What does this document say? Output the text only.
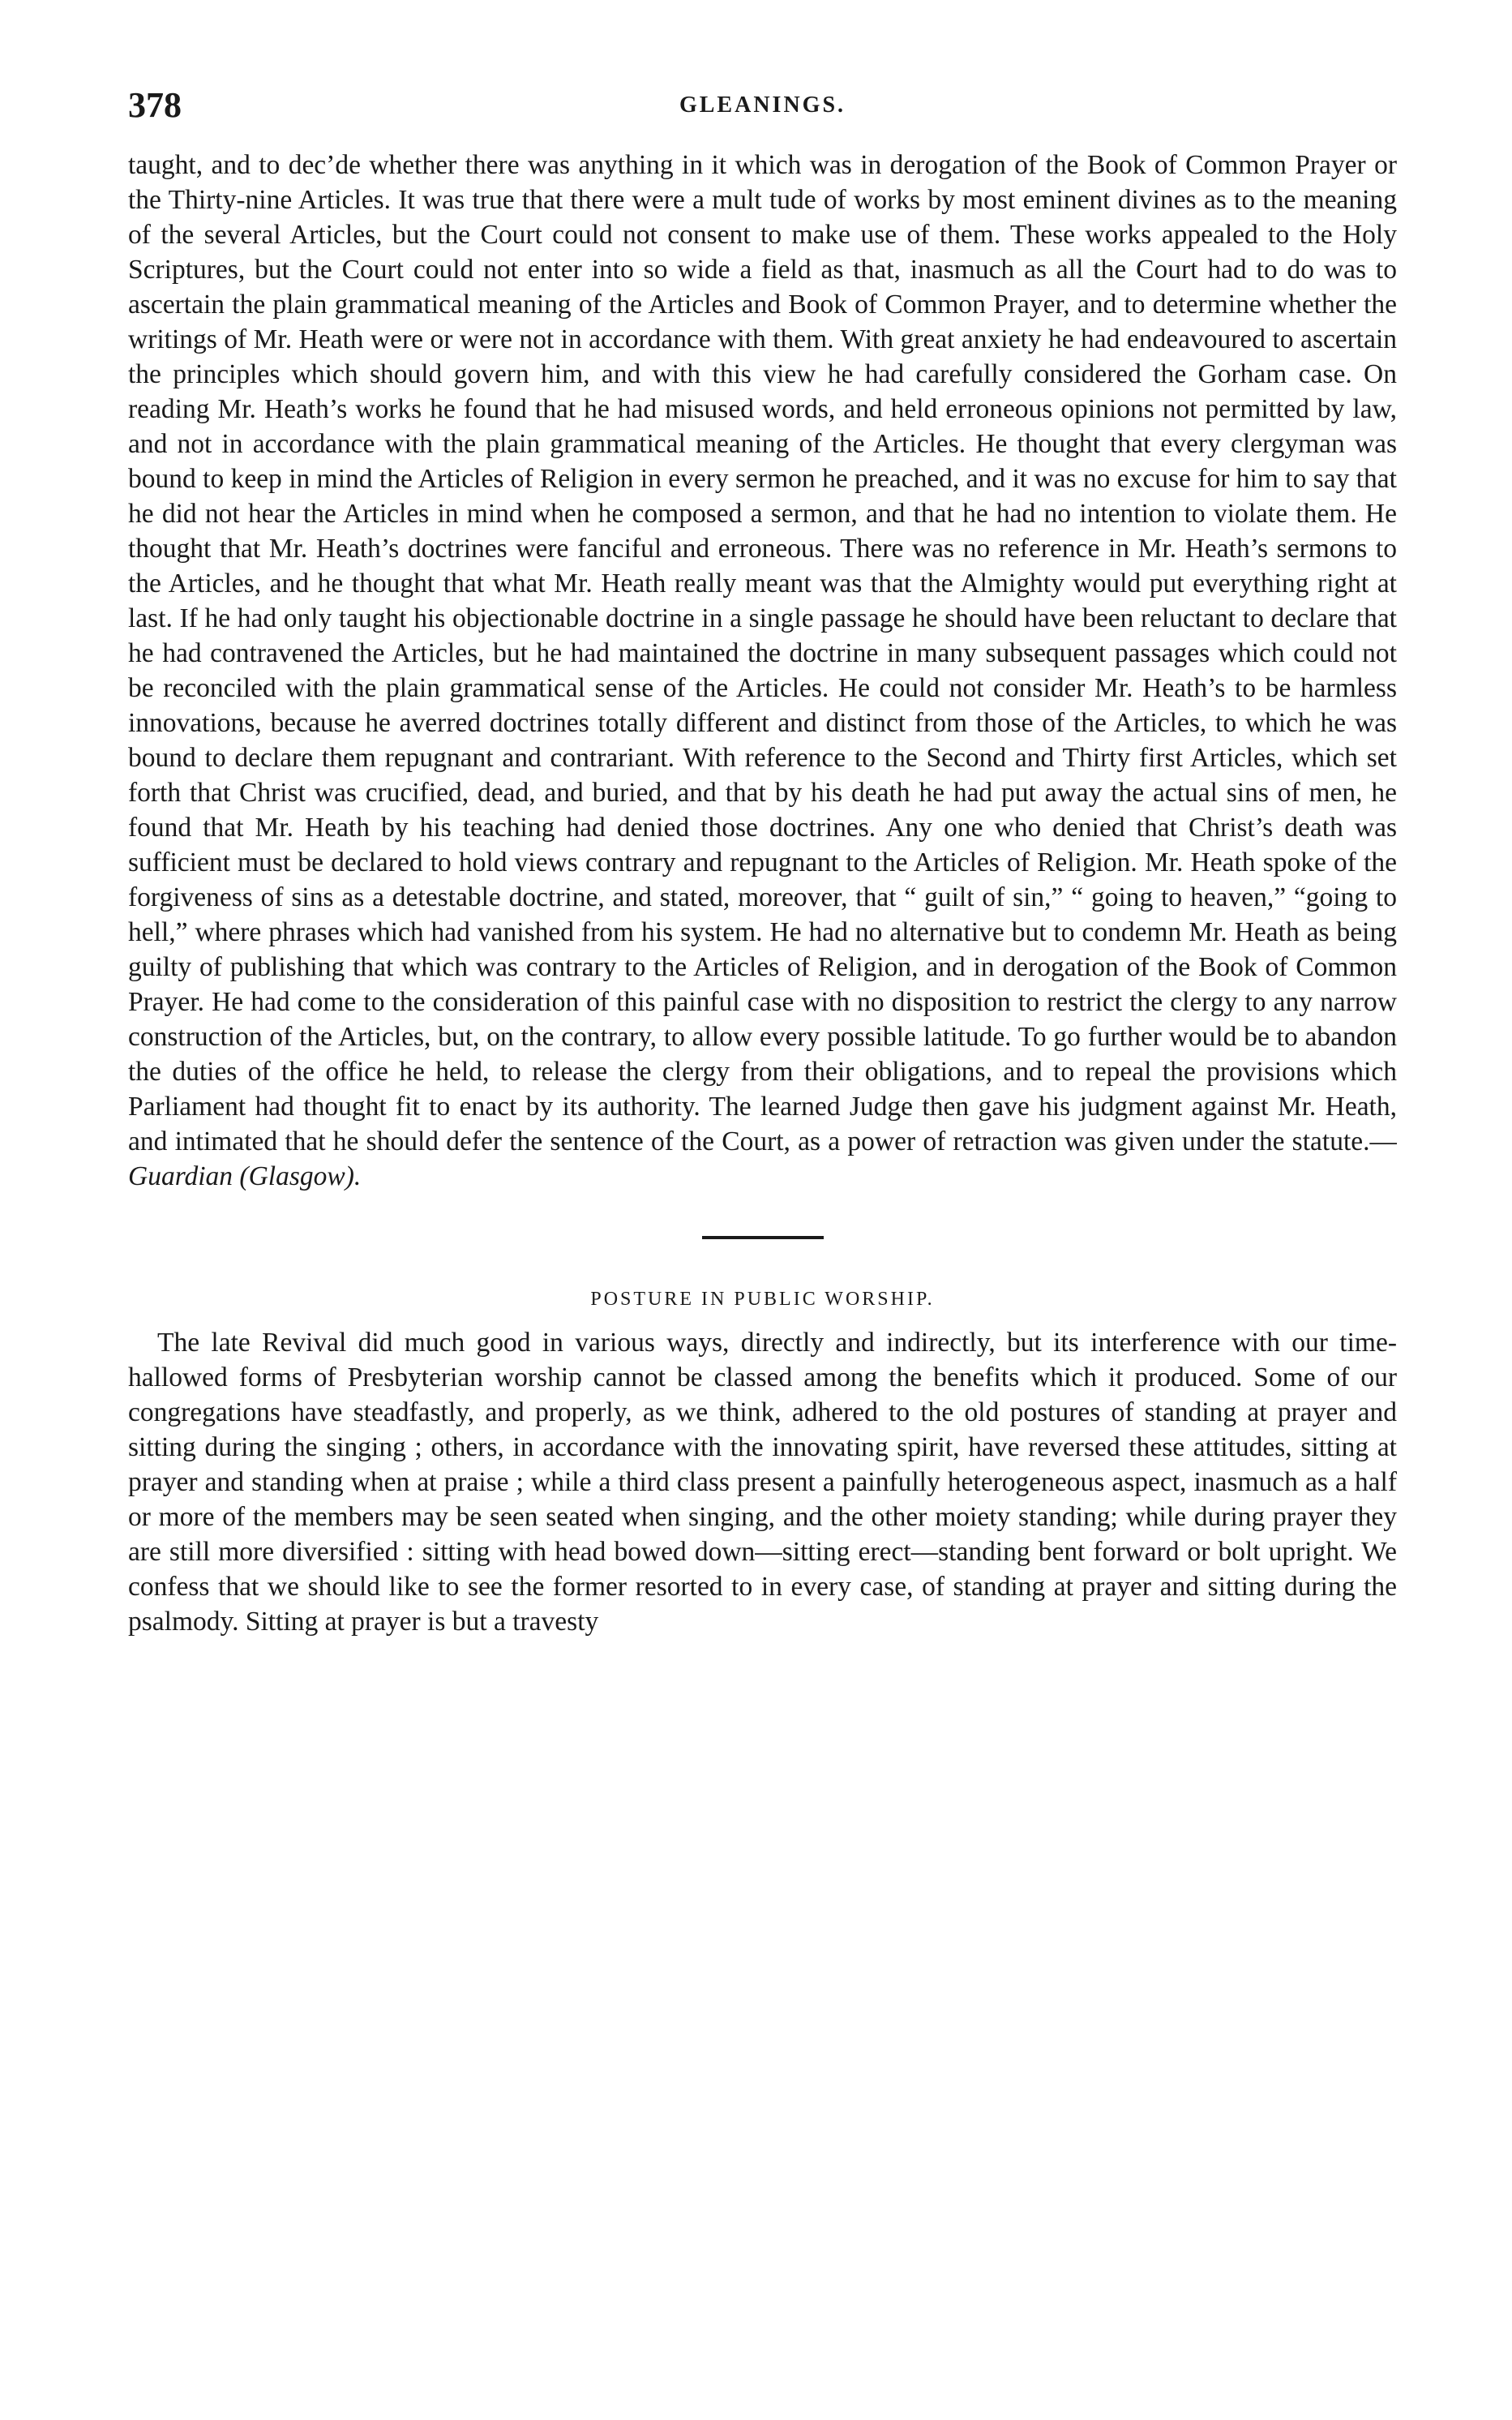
378	GLEANINGS.

taught, and to dec’de whether there was anything in it which was in derogation of the Book of Common Prayer or the Thirty-nine Articles. It was true that there were a mult tude of works by most eminent divines as to the meaning of the several Articles, but the Court could not consent to make use of them. These works appealed to the Holy Scriptures, but the Court could not enter into so wide a field as that, inasmuch as all the Court had to do was to ascertain the plain grammatical meaning of the Articles and Book of Common Prayer, and to determine whether the writings of Mr. Heath were or were not in accordance with them. With great anxiety he had endeavoured to ascertain the principles which should govern him, and with this view he had carefully considered the Gorham case. On reading Mr. Heath’s works he found that he had misused words, and held erroneous opinions not permitted by law, and not in accordance with the plain grammatical meaning of the Articles. He thought that every clergyman was bound to keep in mind the Articles of Religion in every sermon he preached, and it was no excuse for him to say that he did not hear the Articles in mind when he composed a sermon, and that he had no intention to violate them. He thought that Mr. Heath’s doctrines were fanciful and erroneous. There was no reference in Mr. Heath’s sermons to the Articles, and he thought that what Mr. Heath really meant was that the Almighty would put everything right at last. If he had only taught his objectionable doctrine in a single passage he should have been reluctant to declare that he had contravened the Articles, but he had maintained the doctrine in many subsequent passages which could not be reconciled with the plain grammatical sense of the Articles. He could not consider Mr. Heath’s to be harmless innovations, because he averred doctrines totally different and distinct from those of the Articles, to which he was bound to declare them repugnant and contrariant. With reference to the Second and Thirty first Articles, which set forth that Christ was crucified, dead, and buried, and that by his death he had put away the actual sins of men, he found that Mr. Heath by his teaching had denied those doctrines. Any one who denied that Christ’s death was sufficient must be declared to hold views contrary and repugnant to the Articles of Religion. Mr. Heath spoke of the forgiveness of sins as a detestable doctrine, and stated, moreover, that “ guilt of sin,” “ going to heaven,” “going to hell,” where phrases which had vanished from his system. He had no alternative but to condemn Mr. Heath as being guilty of publishing that which was contrary to the Articles of Religion, and in derogation of the Book of Common Prayer. He had come to the consideration of this painful case with no disposition to restrict the clergy to any narrow construction of the Articles, but, on the contrary, to allow every possible latitude. To go further would be to abandon the duties of the office he held, to release the clergy from their obligations, and to repeal the provisions which Parliament had thought fit to enact by its authority. The learned Judge then gave his judgment against Mr. Heath, and intimated that he should defer the sentence of the Court, as a power of retraction was given under the statute.—Guardian (Glasgow).

POSTURE IN PUBLIC WORSHIP.

The late Revival did much good in various ways, directly and indirectly, but its interference with our time-hallowed forms of Presbyterian worship cannot be classed among the benefits which it produced. Some of our congregations have steadfastly, and properly, as we think, adhered to the old postures of standing at prayer and sitting during the singing ; others, in accordance with the innovating spirit, have reversed these attitudes, sitting at prayer and standing when at praise ; while a third class present a painfully heterogeneous aspect, inasmuch as a half or more of the members may be seen seated when singing, and the other moiety standing; while during prayer they are still more diversified : sitting with head bowed down—sitting erect—standing bent forward or bolt upright. We confess that we should like to see the former resorted to in every case, of standing at prayer and sitting during the psalmody. Sitting at prayer is but a travesty
